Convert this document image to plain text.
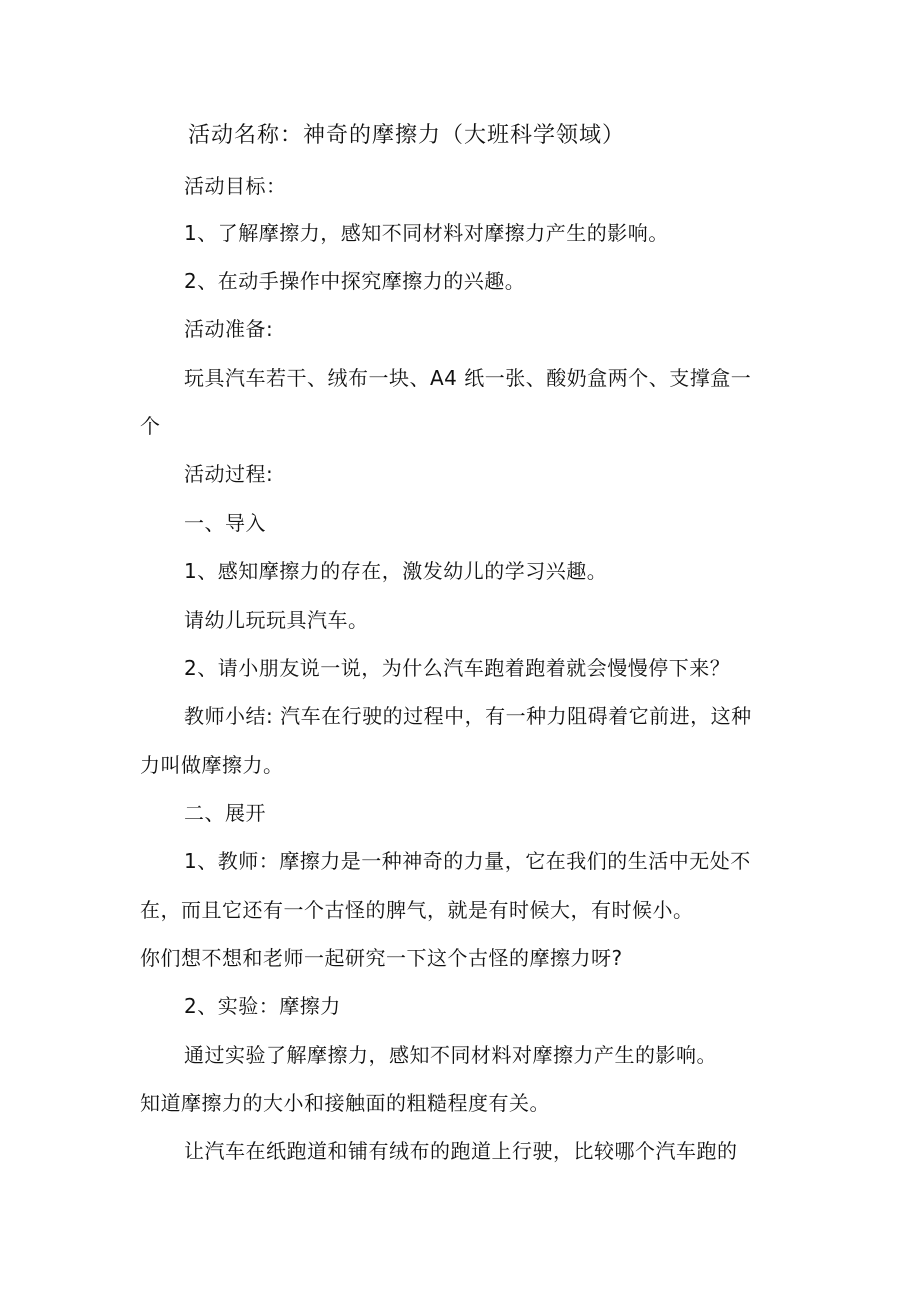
活动名称：神奇的摩擦力（大班科学领域）
活动目标：
1、了解摩擦力，感知不同材料对摩擦力产生的影响。
2、在动手操作中探究摩擦力的兴趣。
活动准备:
玩具汽车若干、绒布一块、A4 纸一张、酸奶盒两个、支撑盒一
个
活动过程:
一、导入
1、感知摩擦力的存在，激发幼儿的学习兴趣。
请幼儿玩玩具汽车。
2、请小朋友说一说，为什么汽车跑着跑着就会慢慢停下来？
教师小结: 汽车在行驶的过程中，有一种力阻碍着它前进，这种
力叫做摩擦力。
二、展开
1、教师：摩擦力是一种神奇的力量，它在我们的生活中无处不
在，而且它还有一个古怪的脾气，就是有时候大，有时候小。
你们想不想和老师一起研究一下这个古怪的摩擦力呀?
2、实验：摩擦力
通过实验了解摩擦力，感知不同材料对摩擦力产生的影响。
知道摩擦力的大小和接触面的粗糙程度有关。
让汽车在纸跑道和铺有绒布的跑道上行驶，比较哪个汽车跑的
